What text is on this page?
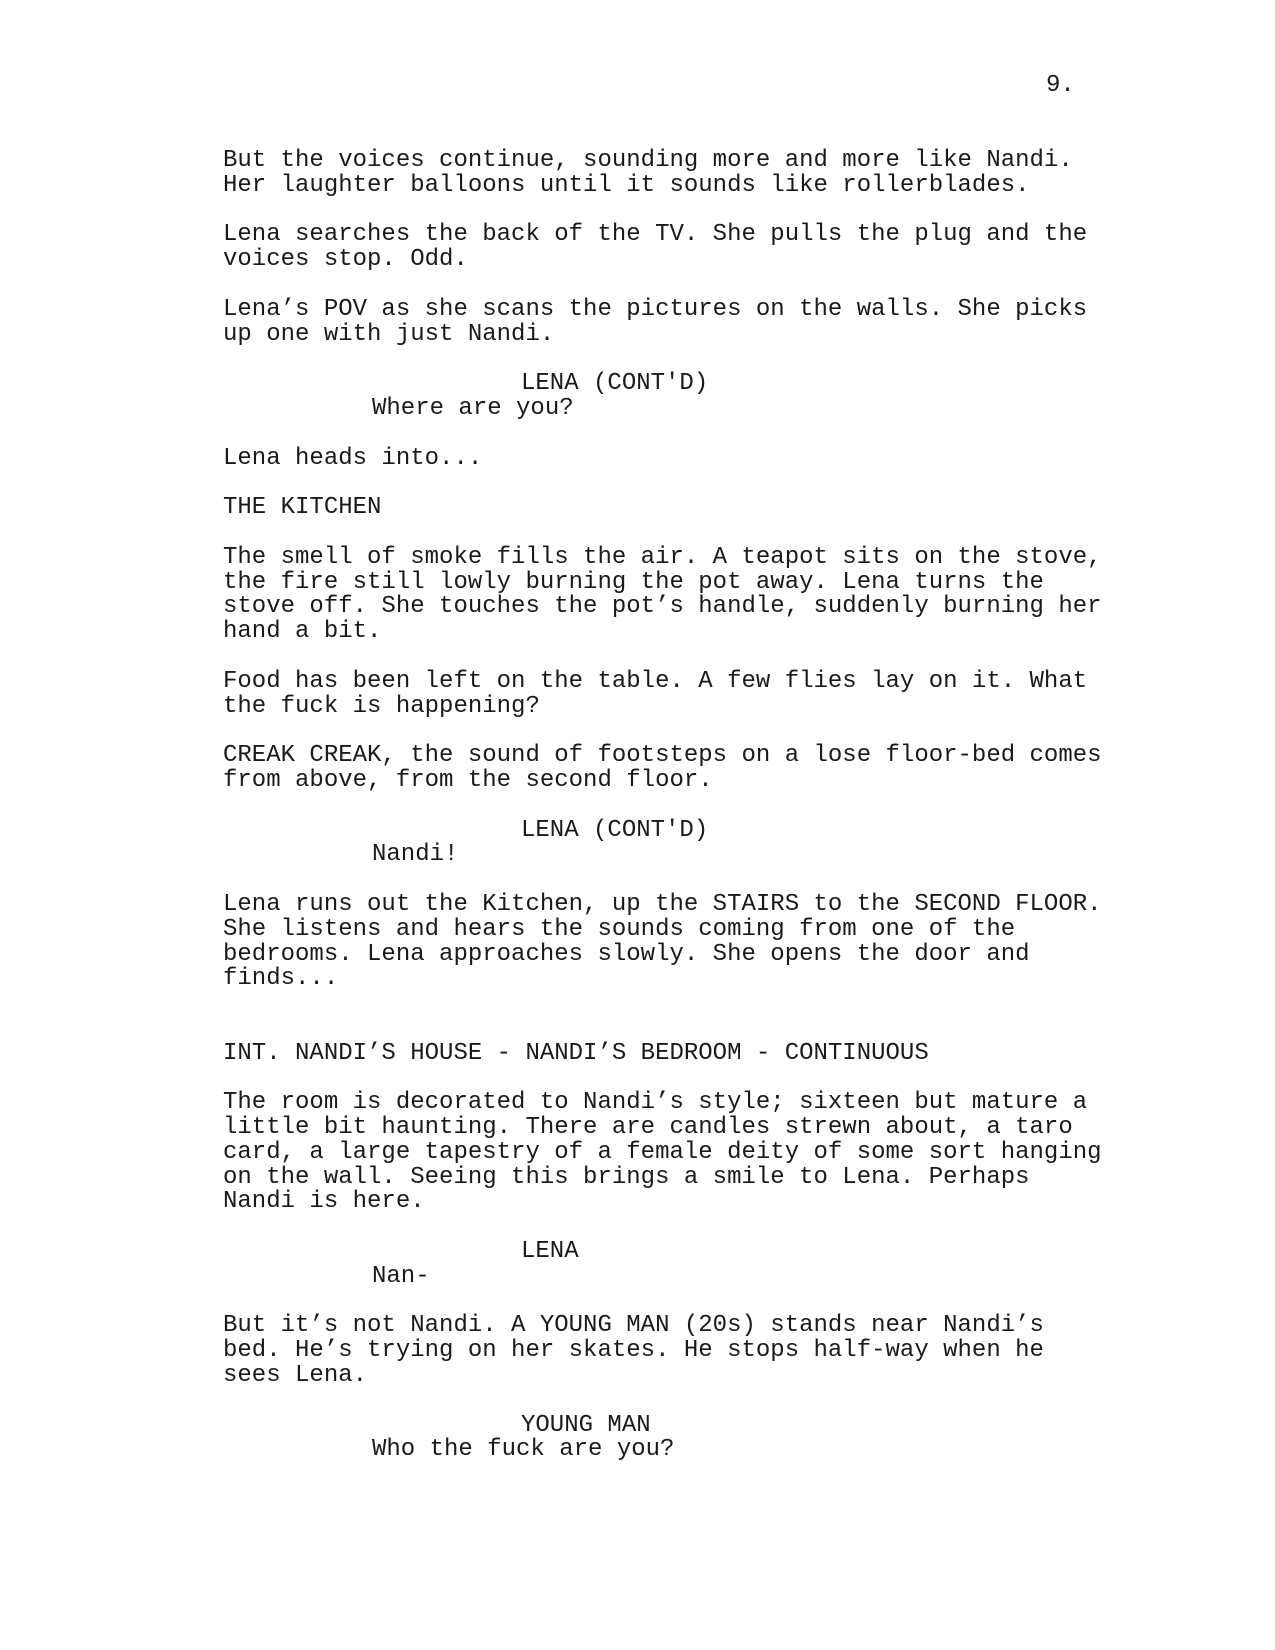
9.
But the voices continue, sounding more and more like Nandi.
Her laughter balloons until it sounds like rollerblades.
Lena searches the back of the TV. She pulls the plug and the
voices stop. Odd.
Lena’s POV as she scans the pictures on the walls. She picks
up one with just Nandi.
LENA (CONT'D)
Where are you?
Lena heads into...
THE KITCHEN
The smell of smoke fills the air. A teapot sits on the stove,
the fire still lowly burning the pot away. Lena turns the
stove off. She touches the pot’s handle, suddenly burning her
hand a bit.
Food has been left on the table. A few flies lay on it. What
the fuck is happening?
CREAK CREAK, the sound of footsteps on a lose floor-bed comes
from above, from the second floor.
LENA (CONT'D)
Nandi!
Lena runs out the Kitchen, up the STAIRS to the SECOND FLOOR.
She listens and hears the sounds coming from one of the
bedrooms. Lena approaches slowly. She opens the door and
finds...
INT. NANDI’S HOUSE - NANDI’S BEDROOM - CONTINUOUS
The room is decorated to Nandi’s style; sixteen but mature a
little bit haunting. There are candles strewn about, a taro
card, a large tapestry of a female deity of some sort hanging
on the wall. Seeing this brings a smile to Lena. Perhaps
Nandi is here.
LENA
Nan-
But it’s not Nandi. A YOUNG MAN (20s) stands near Nandi’s
bed. He’s trying on her skates. He stops half-way when he
sees Lena.
YOUNG MAN
Who the fuck are you?
